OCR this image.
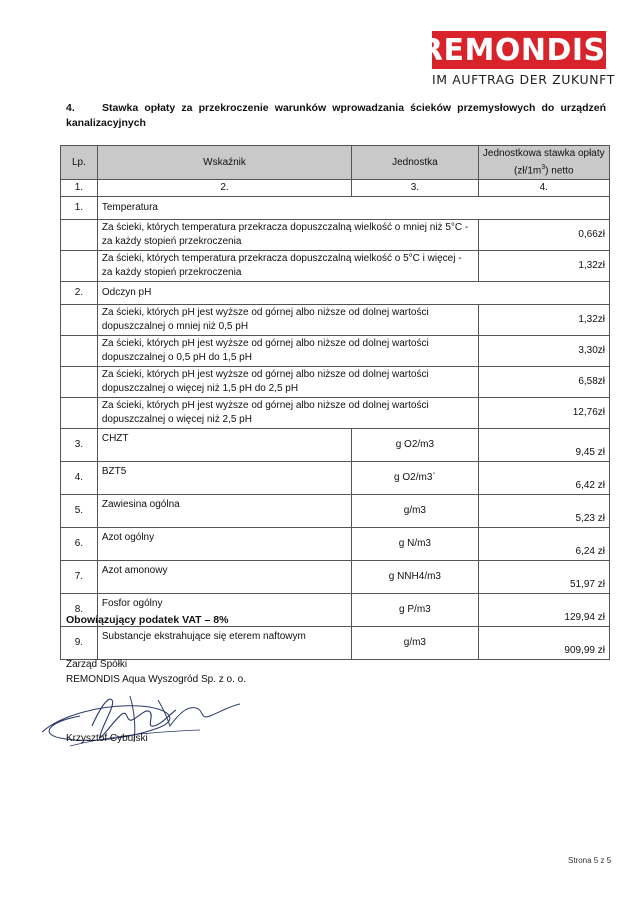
REMONDIS®
IM AUFTRAG DER ZUKUNFT
4.	Stawka opłaty za przekroczenie warunków wprowadzania ścieków przemysłowych do urządzeń kanalizacyjnych
Lp.	Wskaźnik	Jednostka	Jednostkowa stawka opłaty
$(zł/1m^3)$ netto
1.	2.	3.	4.
1.	Temperatura		
	Za ścieki, których temperatura przekracza dopuszczalną wielkość o mniej niż 5°C - za każdy stopień przekroczenia		0,66zł
	Za ścieki, których temperatura przekracza dopuszczalną wielkość o 5°C i więcej - za każdy stopień przekroczenia		1,32zł
2.	Odczyn pH		
	Za ścieki, których pH jest wyższe od górnej albo niższe od dolnej wartości dopuszczalnej o mniej niż 0,5 pH		1,32zł
	Za ścieki, których pH jest wyższe od górnej albo niższe od dolnej wartości dopuszczalnej o 0,5 pH do 1,5 pH		3,30zł
	Za ścieki, których pH jest wyższe od górnej albo niższe od dolnej wartości dopuszczalnej o więcej niż 1,5 pH do 2,5 pH		6,58zł
	Za ścieki, których pH jest wyższe od górnej albo niższe od dolnej wartości dopuszczalnej o więcej niż 2,5 pH		12,76zł
3.	CHZT	g O2/m3	9,45 zł
4.	BZT5	g O2/m3`	6,42 zł
5.	Zawiesina ogólna	g/m3	5,23 zł
6.	Azot ogólny	g N/m3	6,24 zł
7.	Azot amonowy	g NNH4/m3	51,97 zł
8.	Fosfor ogólny	g P/m3	129,94 zł
9.	Substancje ekstrahujące się eterem naftowym	g/m3	909,99 zł
Obowiązujący podatek VAT – 8%
Zarząd Spółki
REMONDIS Aqua Wyszogród Sp. z o. o.
Krzysztof Cybulski
Strona 5 z 5
